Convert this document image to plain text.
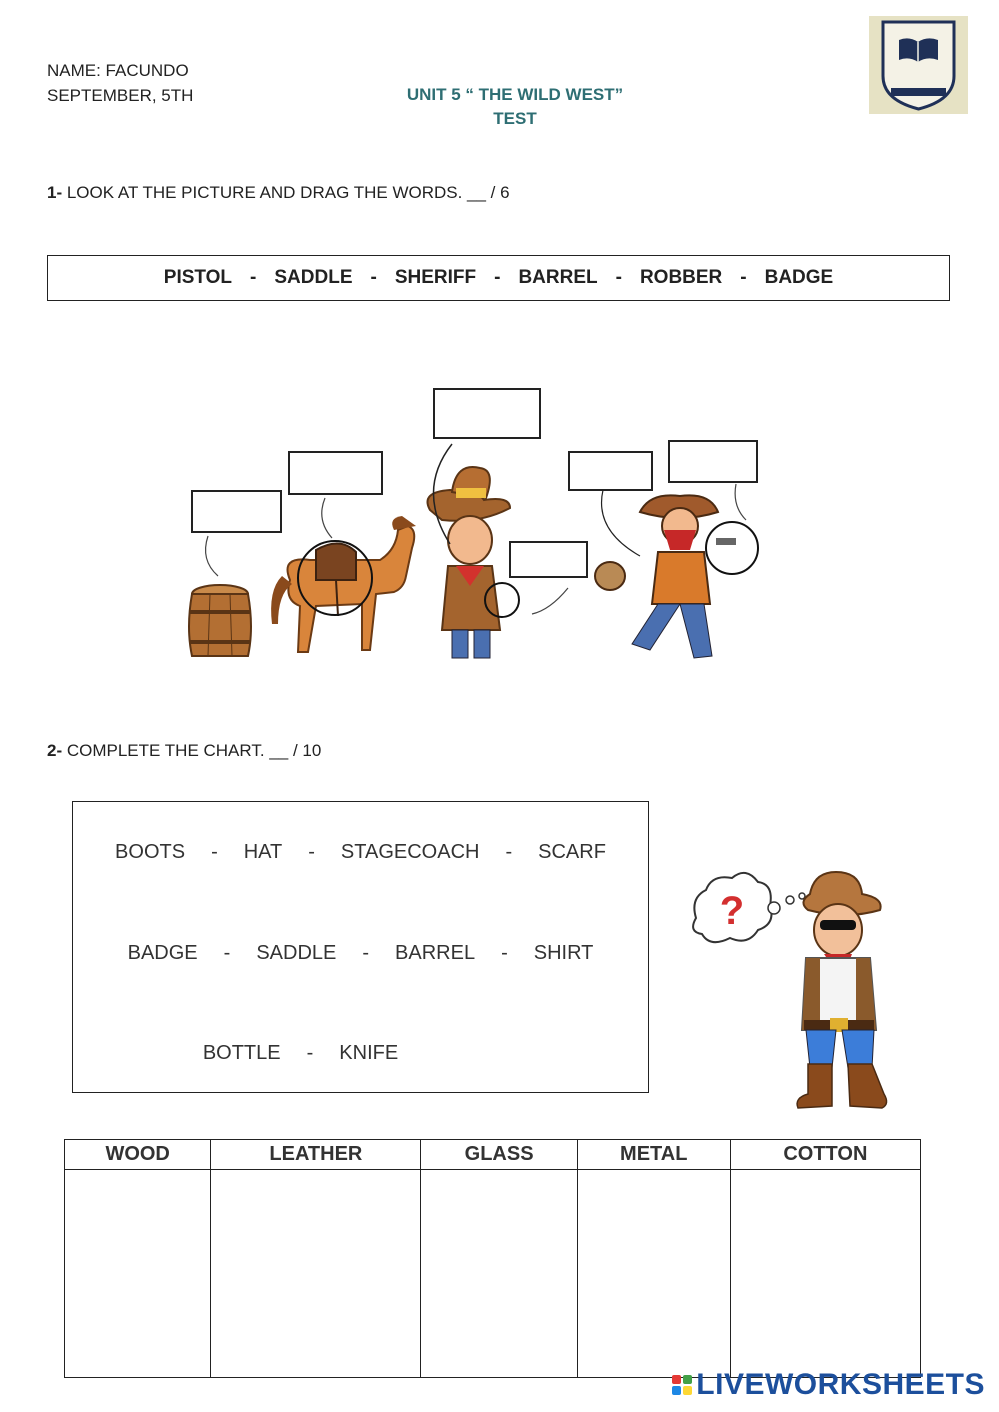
NAME: FACUNDO
SEPTEMBER, 5TH	UNIT 5 “ THE WILD WEST”
TEST
1- LOOK AT THE PICTURE AND DRAG THE WORDS. __ / 6
PISTOL - SADDLE - SHERIFF - BARREL - ROBBER - BADGE
2- COMPLETE THE CHART. __ / 10
BOOTS - HAT - STAGECOACH - SCARF
BADGE - SADDLE - BARREL - SHIRT
BOTTLE - KNIFE
?
WOOD	LEATHER	GLASS	METAL	COTTON

LIVEWORKSHEETS
